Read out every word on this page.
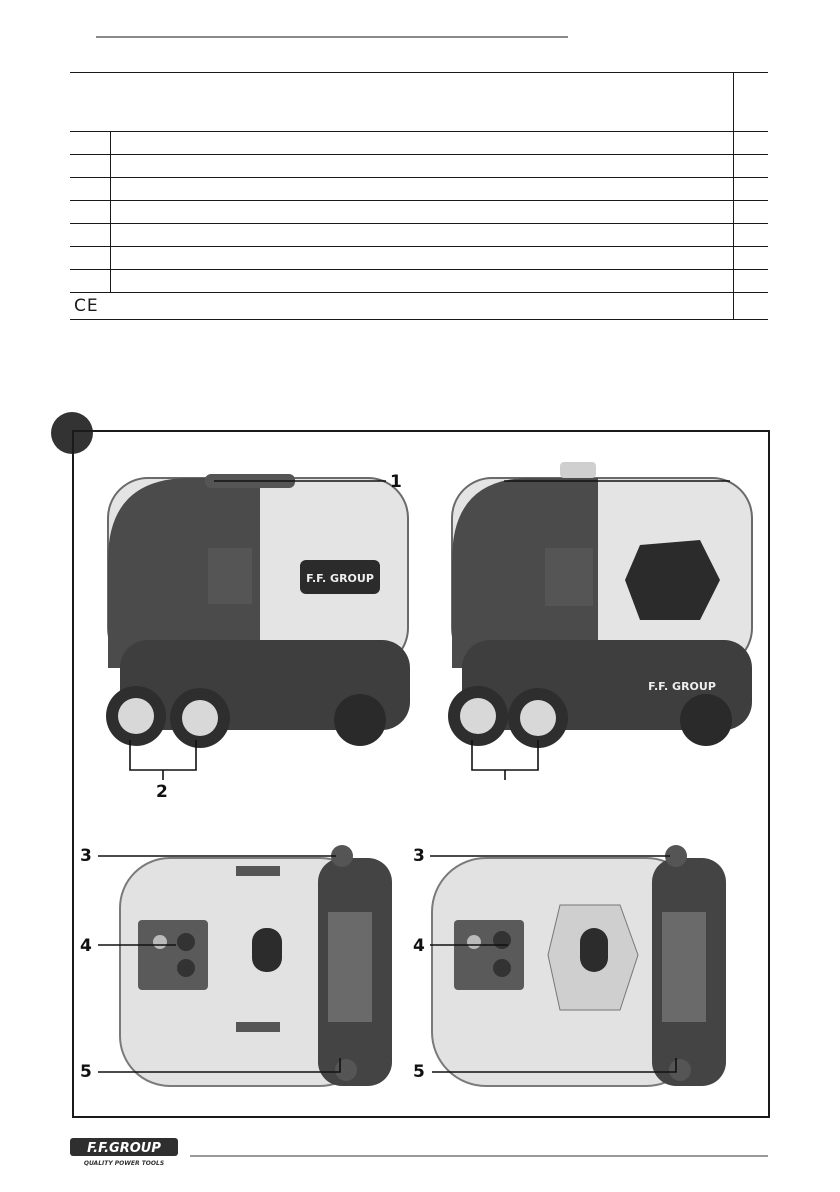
CE		
F.F. GROUP
F.F. GROUP
1
2
3	3
4	4
5	5
F.F.GROUP
QUALITY POWER TOOLS
